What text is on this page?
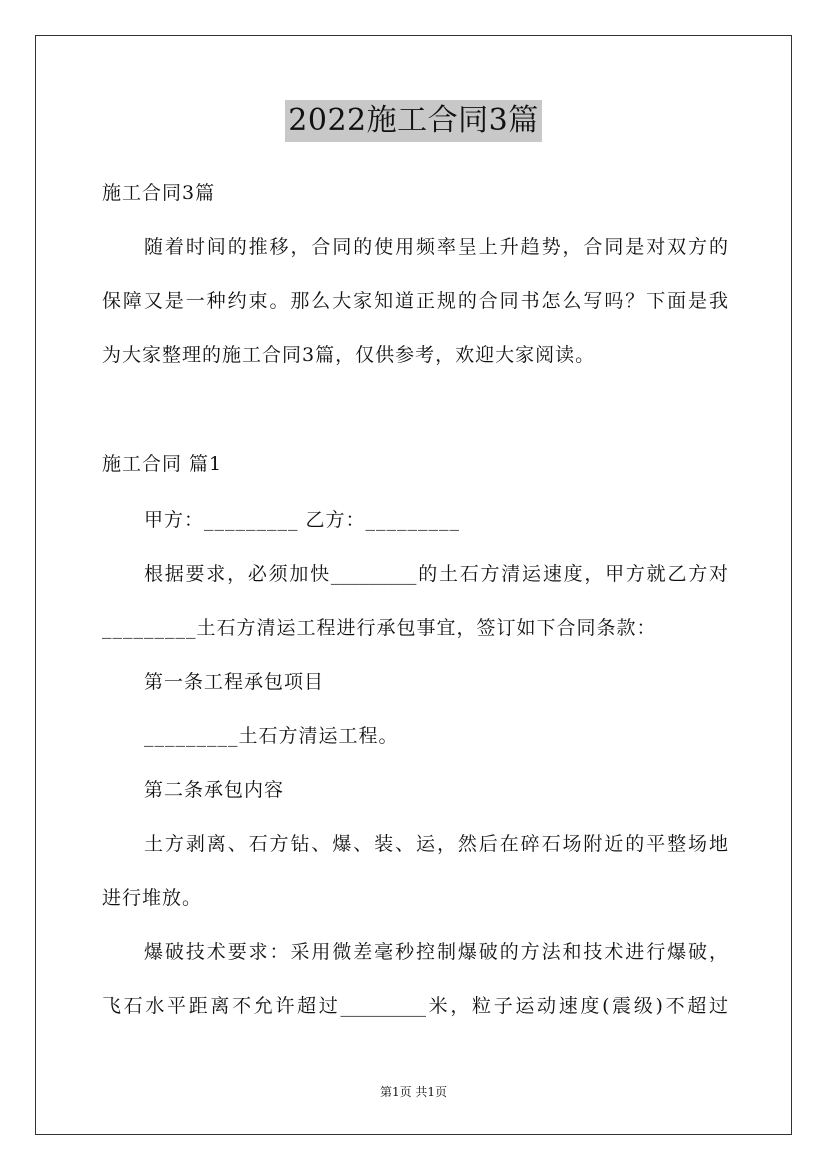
2022施工合同3篇
施工合同3篇
随着时间的推移，合同的使用频率呈上升趋势，合同是对双方的
保障又是一种约束。那么大家知道正规的合同书怎么写吗？下面是我
为大家整理的施工合同3篇，仅供参考，欢迎大家阅读。
施工合同 篇1
甲方：_________ 乙方：_________
根据要求，必须加快_________的土石方清运速度，甲方就乙方对
_________土石方清运工程进行承包事宜，签订如下合同条款：
第一条工程承包项目
_________土石方清运工程。
第二条承包内容
土方剥离、石方钻、爆、装、运，然后在碎石场附近的平整场地
进行堆放。
爆破技术要求：采用微差毫秒控制爆破的方法和技术进行爆破，
飞石水平距离不允许超过_________米，粒子运动速度(震级)不超过
第1页 共1页
